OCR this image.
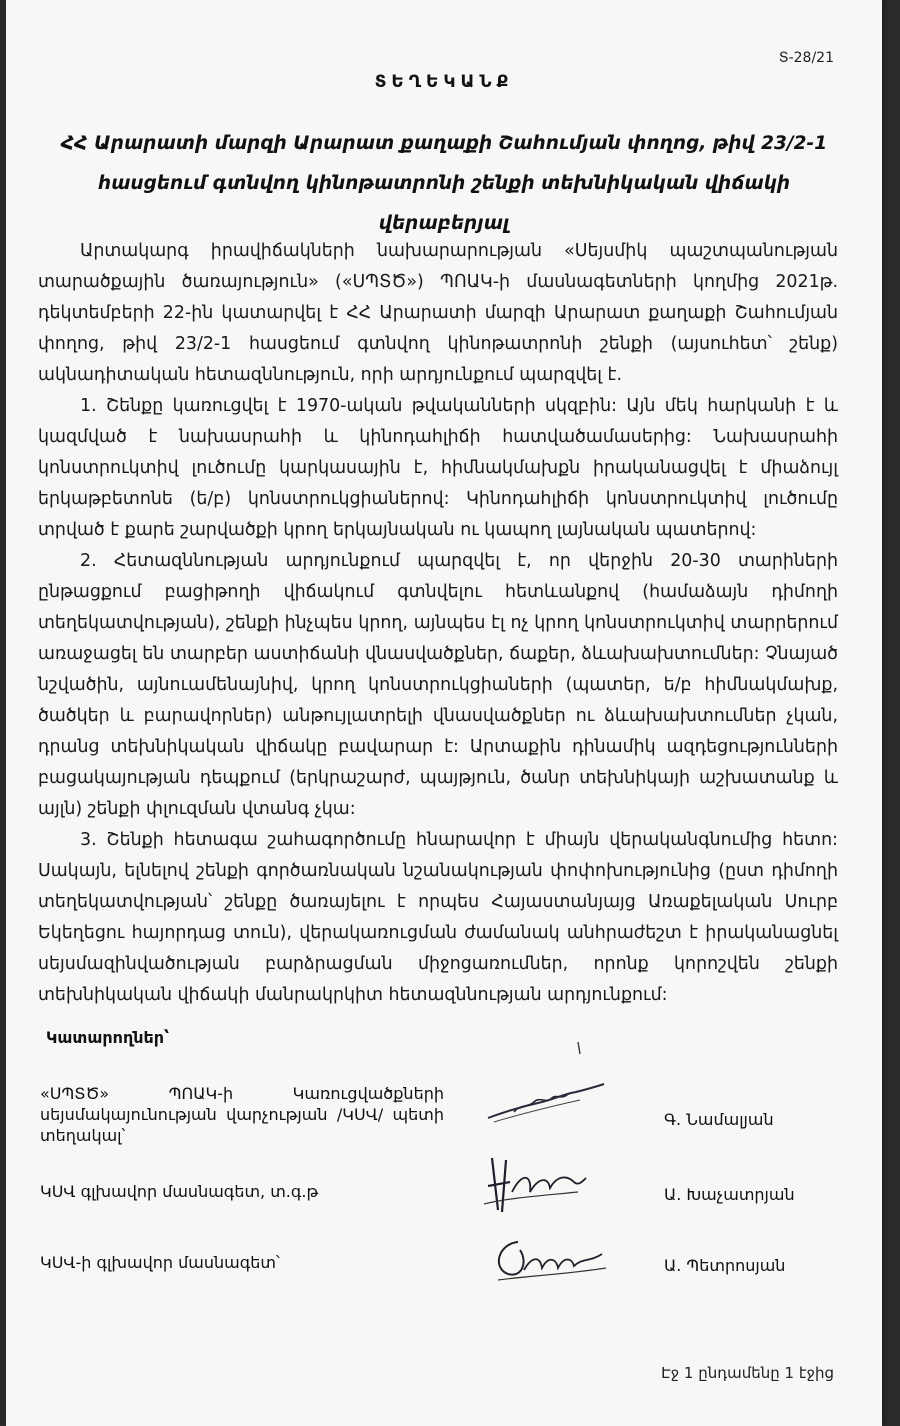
Տ-28/21
ՏԵՂԵԿԱՆՔ
ՀՀ Արարատի մարզի Արարատ քաղաքի Շահումյան փողոց, թիվ 23/2-1
հասցեում գտնվող կինոթատրոնի շենքի տեխնիկական վիճակի վերաբերյալ

Արտակարգ իրավիճակների նախարարության «Սեյսմիկ պաշտպանության տարածքային ծառայություն» («ՍՊՏԾ») ՊՈԱԿ-ի մասնագետների կողմից 2021թ. դեկտեմբերի 22-ին կատարվել է ՀՀ Արարատի մարզի Արարատ քաղաքի Շահումյան փողոց, թիվ 23/2-1 հասցեում գտնվող կինոթատրոնի շենքի (այսուհետ՝ շենք) ակնադիտական հետազննություն, որի արդյունքում պարզվել է.

1. Շենքը կառուցվել է 1970-ական թվականների սկզբին: Այն մեկ հարկանի է և կազմված է նախասրահի և կինոդահլիճի հատվածամասերից: Նախասրահի կոնստրուկտիվ լուծումը կարկասային է, հիմնակմախքն իրականացվել է միաձույլ երկաթբետոնե (ե/բ) կոնստրուկցիաներով: Կինոդահլիճի կոնստրուկտիվ լուծումը տրված է քարե շարվածքի կրող երկայնական ու կապող լայնական պատերով:

2. Հետազննության արդյունքում պարզվել է, որ վերջին 20-30 տարիների ընթացքում բացիթողի վիճակում գտնվելու հետևանքով (համաձայն դիմողի տեղեկատվության), շենքի ինչպես կրող, այնպես էլ ոչ կրող կոնստրուկտիվ տարրերում առաջացել են տարբեր աստիճանի վնասվածքներ, ճաքեր, ձևախախտումներ: Չնայած նշվածին, այնուամենայնիվ, կրող կոնստրուկցիաների (պատեր, ե/բ հիմնակմախք, ծածկեր և բարավորներ) անթույլատրելի վնասվածքներ ու ձևախախտումներ չկան, դրանց տեխնիկական վիճակը բավարար է: Արտաքին դինամիկ ազդեցությունների բացակայության դեպքում (երկրաշարժ, պայթյուն, ծանր տեխնիկայի աշխատանք և այլն) շենքի փլուզման վտանգ չկա:

3. Շենքի հետագա շահագործումը հնարավոր է միայն վերականգնումից հետո: Սակայն, ելնելով շենքի գործառնական նշանակության փոփոխությունից (ըստ դիմողի տեղեկատվության՝ շենքը ծառայելու է որպես Հայաստանյայց Առաքելական Սուրբ Եկեղեցու հայորդաց տուն), վերակառուցման ժամանակ անհրաժեշտ է իրականացնել սեյսմազինվածության բարձրացման միջոցառումներ, որոնք կորոշվեն շենքի տեխնիկական վիճակի մանրակրկիտ հետազննության արդյունքում:

Կատարողներ՝
«ՍՊՏԾ» ՊՈԱԿ-ի Կառուցվածքների սեյսմակայունության վարչության /ԿՍՎ/ պետի տեղակալ՝
Գ. Նամալյան
ԿՍՎ գլխավոր մասնագետ, տ.գ.թ	Ա. Խաչատրյան
ԿՍՎ-ի գլխավոր մասնագետ՝	Ա. Պետրոսյան
Էջ 1 ընդամենը 1 էջից
